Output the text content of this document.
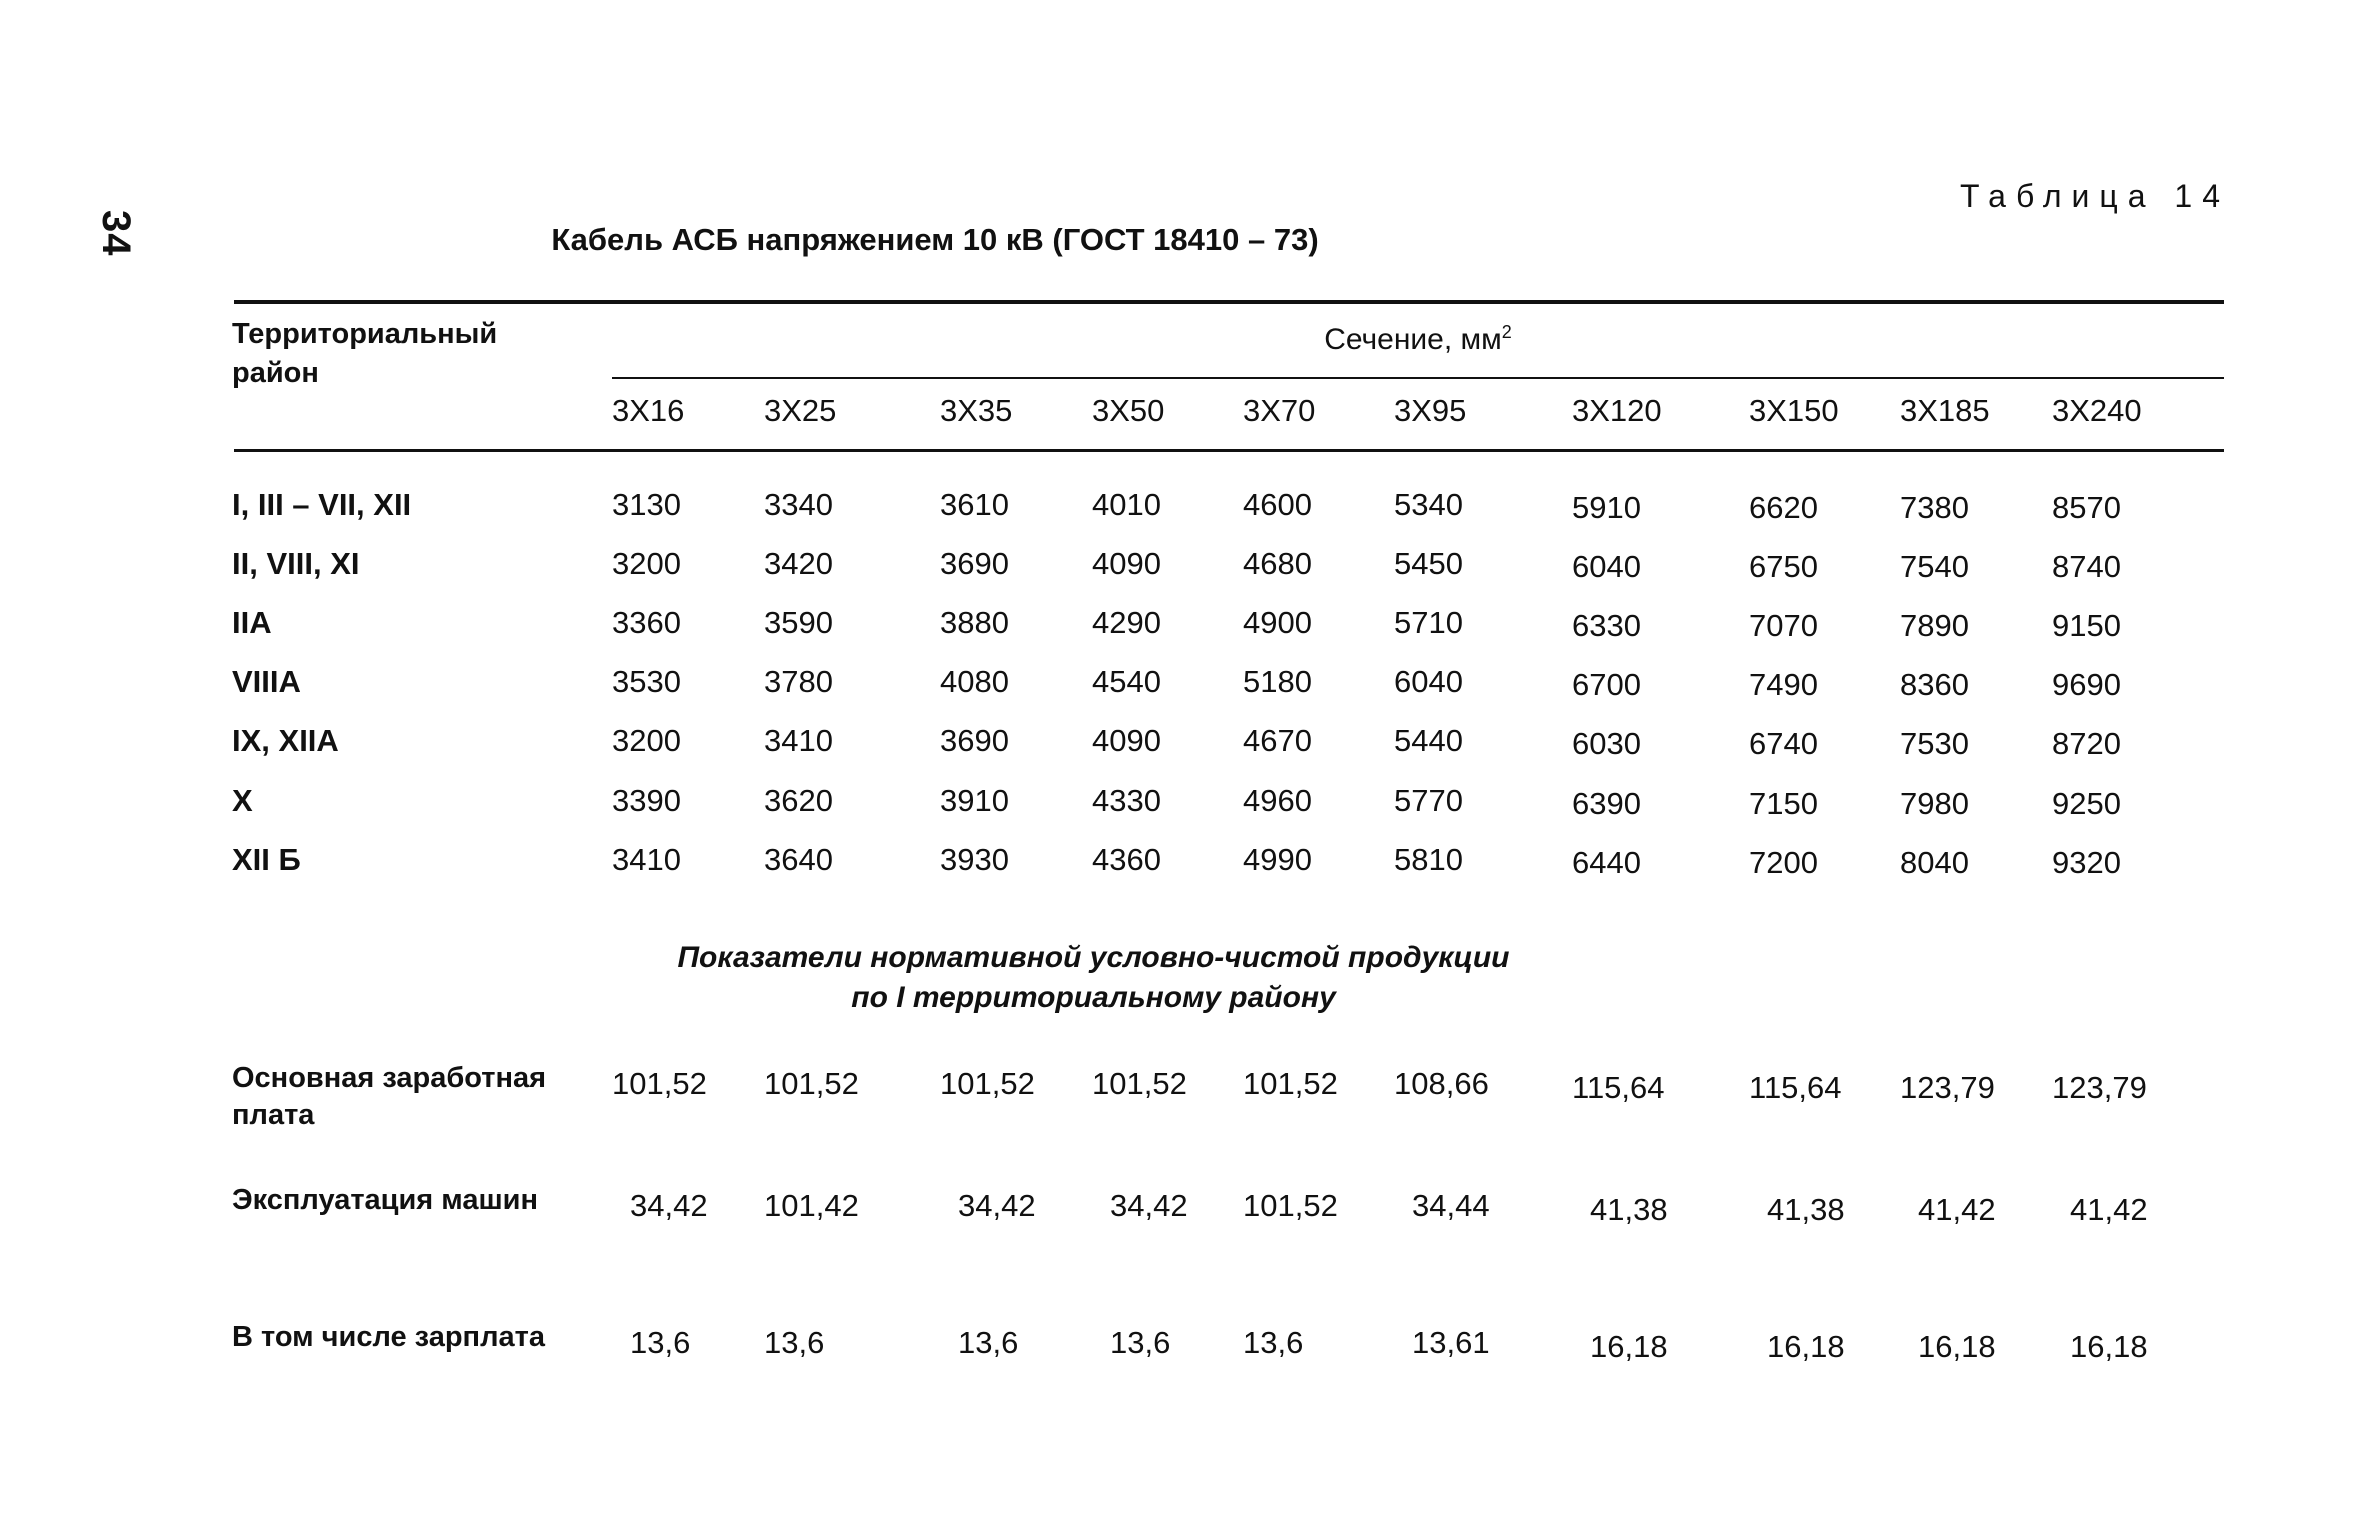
34
Таблица 14
Кабель АСБ напряжением 10 кВ (ГОСТ 18410 – 73)
Территориальный
район
Сечение, $мм^2$
3Х16	3Х25	3Х35	3Х50	3Х70	3Х95	3Х120	3Х150 3Х185 3Х240
I, III – VII, XII	3130	3340	3610	4010	4600	5340	5910	6620	7380	8570
II, VIII, XI	3200	3420	3690	4090	4680	5450	6040	6750	7540	8740
IIA	3360	3590	3880	4290	4900	5710	6330	7070	7890	9150
VIIIA	3530	3780	4080	4540	5180	6040	6700	7490	8360	9690
IX, XIIA	3200	3410	3690	4090	4670	5440	6030	6740	7530	8720
X	3390	3620	3910	4330	4960	5770	6390	7150	7980	9250
XII Б	3410	3640	3930	4360	4990	5810	6440	7200	8040	9320
Показатели нормативной условно-чистой продукции
по I территориальному району
Основная заработная
плата
101,52 101,52	101,52 101,52 101,52 108,66	115,64	115,64 123,79 123,79
Эксплуатация машин	34,42 101,42	34,42 34,42 101,52 34,44	41,38	41,38 41,42 41,42
В том числе зарплата	13,6 13,6	13,6	13,6 13,6	13,61	16,18	16,18 16,18 16,18
